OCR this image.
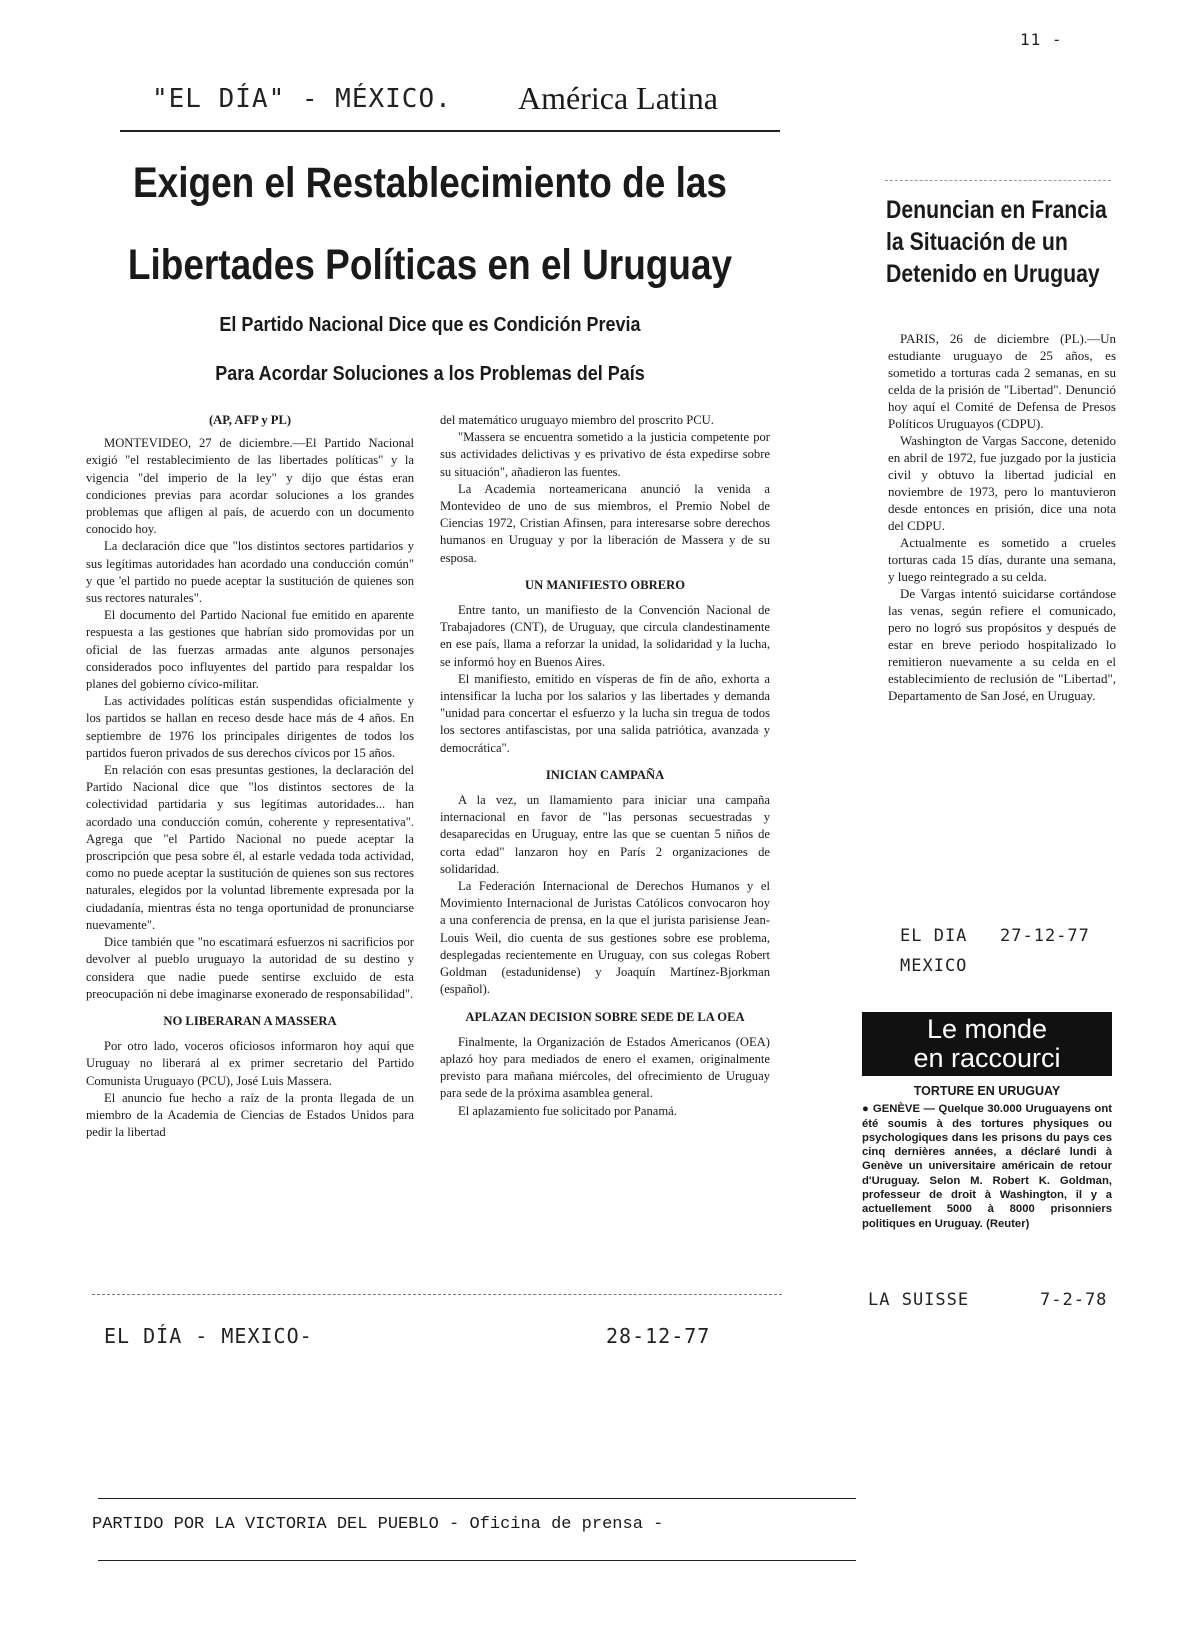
11 -
"EL DÍA" - MÉXICO. América Latina
Exigen el Restablecimiento de las
Libertades Políticas en el Uruguay
El Partido Nacional Dice que es Condición Previa
Para Acordar Soluciones a los Problemas del País

(AP, AFP y PL)

MONTEVIDEO, 27 de diciembre.—El Partido Nacional exigió "el restablecimiento de las libertades políticas" y la vigencia "del imperio de la ley" y dijo que éstas eran condiciones previas para acordar soluciones a los grandes problemas que afligen al país, de acuerdo con un documento conocido hoy.

La declaración dice que "los distintos sectores partidarios y sus legítimas autoridades han acordado una conducción común" y que 'el partido no puede aceptar la sustitución de quienes son sus rectores naturales".

El documento del Partido Nacional fue emitido en aparente respuesta a las gestiones que habrían sido promovidas por un oficial de las fuerzas armadas ante algunos personajes considerados poco influyentes del partido para respaldar los planes del gobierno cívico-militar.

Las actividades políticas están suspendidas oficialmente y los partidos se hallan en receso desde hace más de 4 años. En septiembre de 1976 los principales dirigentes de todos los partidos fueron privados de sus derechos cívicos por 15 años.

En relación con esas presuntas gestiones, la declaración del Partido Nacional dice que "los distintos sectores de la colectividad partidaria y sus legítimas autoridades... han acordado una conducción común, coherente y representativa". Agrega que "el Partido Nacional no puede aceptar la proscripción que pesa sobre él, al estarle vedada toda actividad, como no puede aceptar la sustitución de quienes son sus rectores naturales, elegidos por la voluntad libremente expresada por la ciudadanía, mientras ésta no tenga oportunidad de pronunciarse nuevamente".

Dice también que "no escatimará esfuerzos ni sacrificios por devolver al pueblo uruguayo la autoridad de su destino y considera que nadie puede sentirse excluido de esta preocupación ni debe imaginarse exonerado de responsabilidad".

NO LIBERARAN A MASSERA

Por otro lado, voceros oficiosos informaron hoy aquí que Uruguay no liberará al ex primer secretario del Partido Comunista Uruguayo (PCU), José Luis Massera.

El anuncio fue hecho a raíz de la pronta llegada de un miembro de la Academia de Ciencias de Estados Unidos para pedir la libertad

del matemático uruguayo miembro del proscrito PCU.

"Massera se encuentra sometido a la justicia competente por sus actividades delictivas y es privativo de ésta expedirse sobre su situación", añadieron las fuentes.

La Academia norteamericana anunció la venida a Montevideo de uno de sus miembros, el Premio Nobel de Ciencias 1972, Cristian Afinsen, para interesarse sobre derechos humanos en Uruguay y por la liberación de Massera y de su esposa.

UN MANIFIESTO OBRERO

Entre tanto, un manifiesto de la Convención Nacional de Trabajadores (CNT), de Uruguay, que circula clandestinamente en ese país, llama a reforzar la unidad, la solidaridad y la lucha, se informó hoy en Buenos Aires.

El manifiesto, emitido en vísperas de fin de año, exhorta a intensificar la lucha por los salarios y las libertades y demanda "unidad para concertar el esfuerzo y la lucha sin tregua de todos los sectores antifascistas, por una salida patriótica, avanzada y democrática".

INICIAN CAMPAÑA

A la vez, un llamamiento para iniciar una campaña internacional en favor de "las personas secuestradas y desaparecidas en Uruguay, entre las que se cuentan 5 niños de corta edad" lanzaron hoy en París 2 organizaciones de solidaridad.

La Federación Internacional de Derechos Humanos y el Movimiento Internacional de Juristas Católicos convocaron hoy a una conferencia de prensa, en la que el jurista parisiense Jean-Louis Weil, dio cuenta de sus gestiones sobre ese problema, desplegadas recientemente en Uruguay, con sus colegas Robert Goldman (estadunidense) y Joaquín Martínez-Bjorkman (español).

APLAZAN DECISION SOBRE SEDE DE LA OEA

Finalmente, la Organización de Estados Americanos (OEA) aplazó hoy para mediados de enero el examen, originalmente previsto para mañana miércoles, del ofrecimiento de Uruguay para sede de la próxima asamblea general.

El aplazamiento fue solicitado por Panamá.

EL DÍA - MEXICO-	28-12-77
Denuncian en Francia
la Situación de un
Detenido en Uruguay

PARIS, 26 de diciembre (PL).—Un estudiante uruguayo de 25 años, es sometido a torturas cada 2 semanas, en su celda de la prisión de "Libertad". Denunció hoy aquí el Comité de Defensa de Presos Políticos Uruguayos (CDPU).

Washington de Vargas Saccone, detenido en abril de 1972, fue juzgado por la justicia civil y obtuvo la libertad judicial en noviembre de 1973, pero lo mantuvieron desde entonces en prisión, dice una nota del CDPU.

Actualmente es sometido a crueles torturas cada 15 días, durante una semana, y luego reintegrado a su celda.

De Vargas intentó suicidarse cortándose las venas, según refiere el comunicado, pero no logró sus propósitos y después de estar en breve periodo hospitalizado lo remitieron nuevamente a su celda en el establecimiento de reclusión de "Libertad", Departamento de San José, en Uruguay.

EL DIA 27-12-77
MEXICO
Le monde
en raccourci
TORTURE EN URUGUAY
● GENÈVE — Quelque 30.000 Uruguayens ont été soumis à des tortures physiques ou psychologiques dans les prisons du pays ces cinq dernières années, a déclaré lundi à Genève un universitaire américain de retour d'Uruguay. Selon M. Robert K. Goldman, professeur de droit à Washington, il y a actuellement 5000 à 8000 prisonniers politiques en Uruguay. (Reuter)
LA SUISSE	7-2-78
PARTIDO POR LA VICTORIA DEL PUEBLO - Oficina de prensa -
